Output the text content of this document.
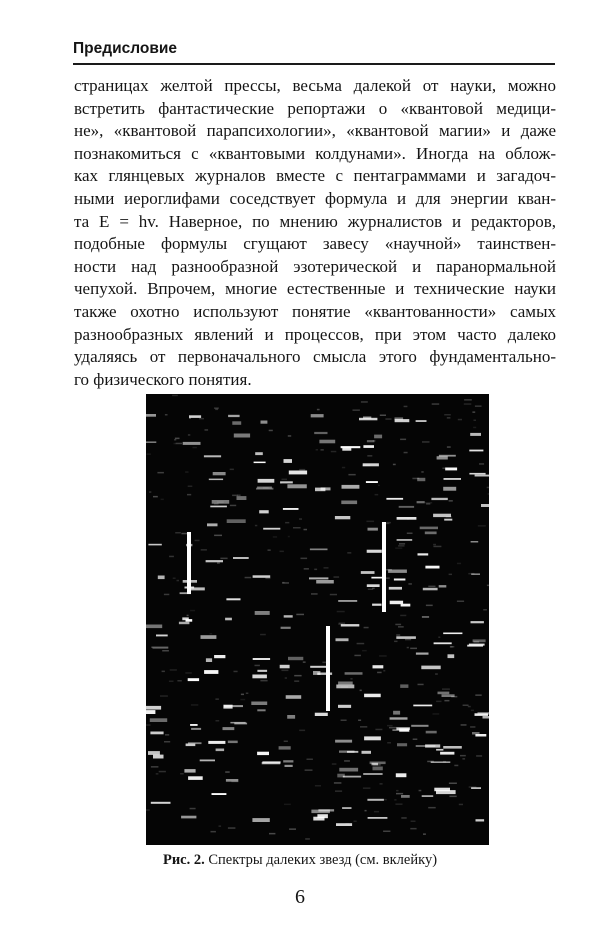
Предисловие
страницах желтой прессы, весьма далекой от науки, можно
встретить фантастические репортажи о «квантовой медици-
не», «квантовой парапсихологии», «квантовой магии» и даже
познакомиться с «квантовыми колдунами». Иногда на облож-
ках глянцевых журналов вместе с пентаграммами и загадоч-
ными иероглифами соседствует формула и для энергии кван-
та E = hv. Наверное, по мнению журналистов и редакторов,
подобные формулы сгущают завесу «научной» таинствен-
ности над разнообразной эзотерической и паранормальной
чепухой. Впрочем, многие естественные и технические науки
также охотно используют понятие «квантованности» самых
разнообразных явлений и процессов, при этом часто далеко
удаляясь от первоначального смысла этого фундаментально-
го физического понятия.
Рис. 2. Спектры далеких звезд (см. вклейку)
6
